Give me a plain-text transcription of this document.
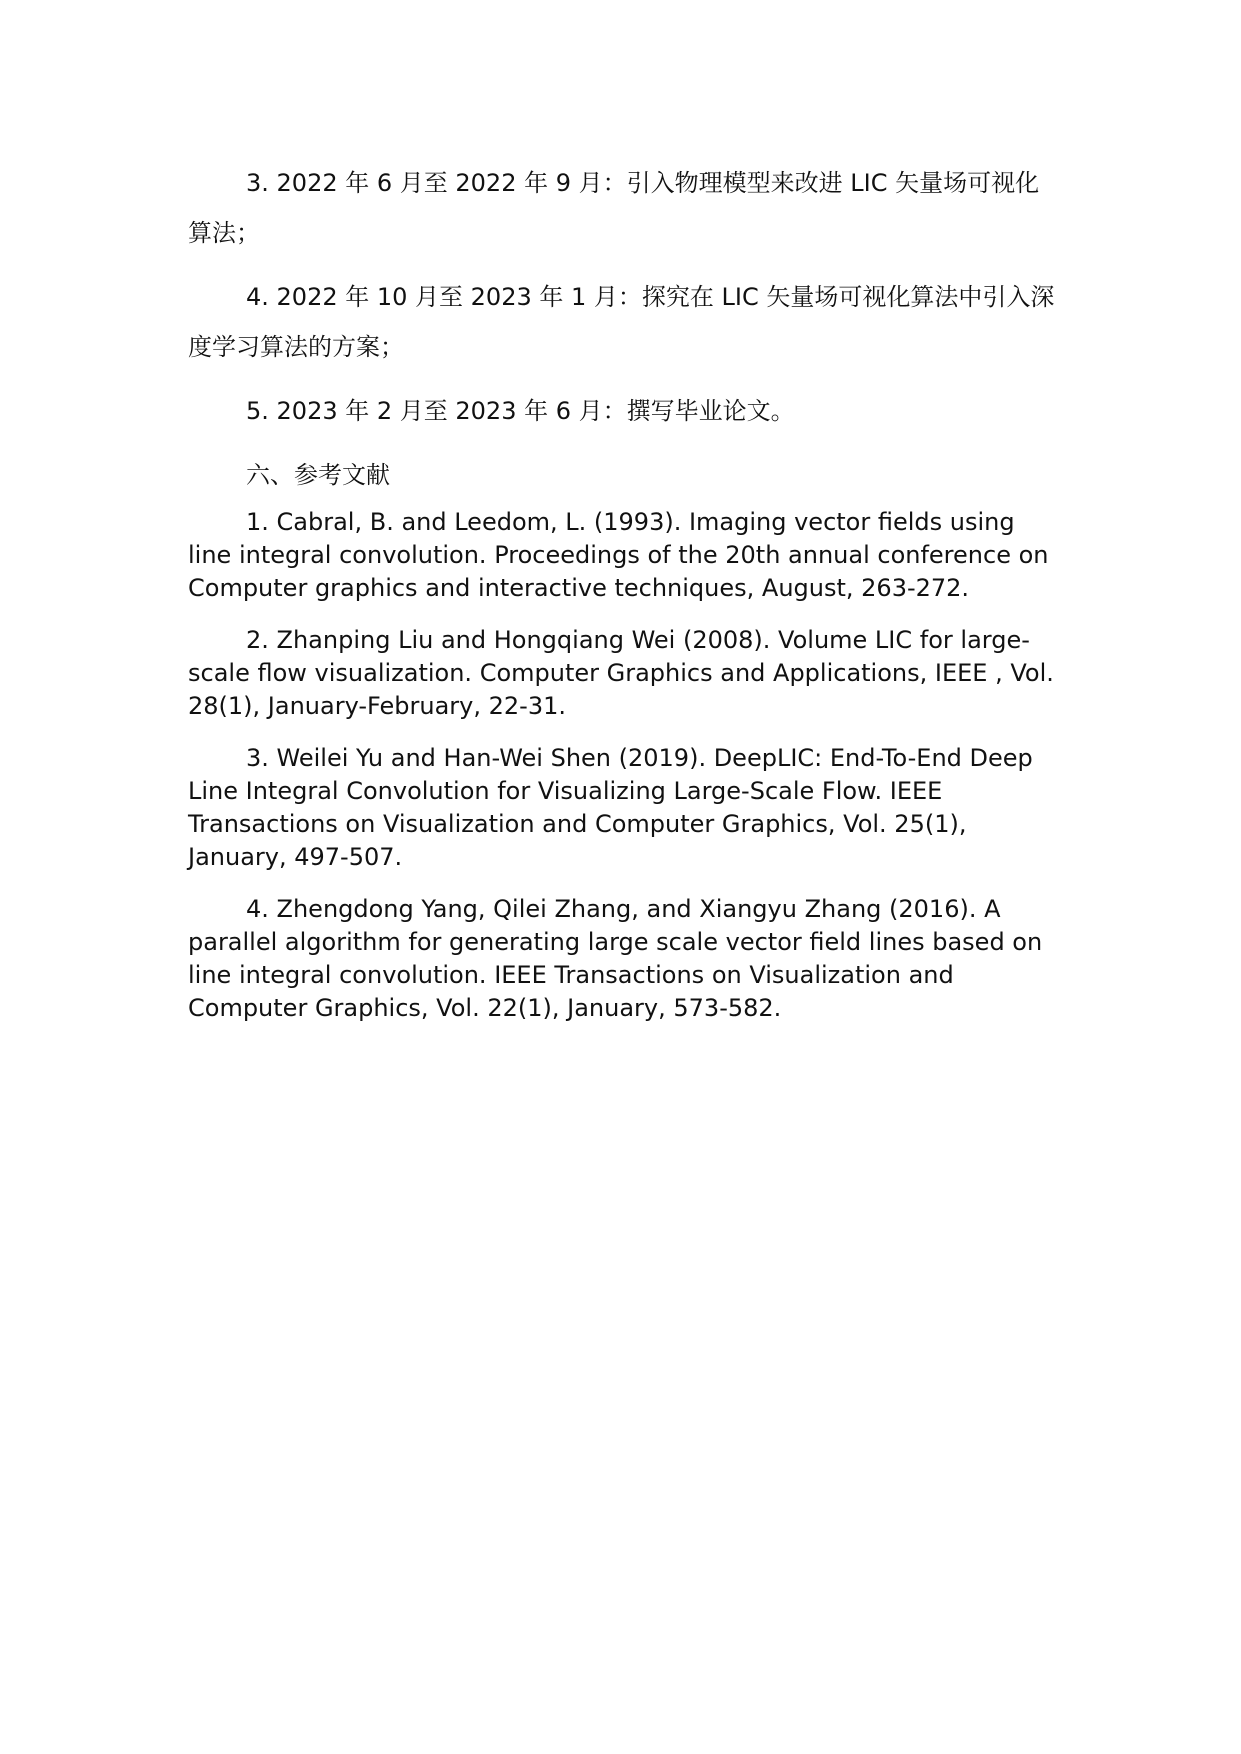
3. 2022 年 6 月至 2022 年 9 月：引入物理模型来改进 LIC 矢量场可视化算法；

4. 2022 年 10 月至 2023 年 1 月：探究在 LIC 矢量场可视化算法中引入深度学习算法的方案；

5. 2023 年 2 月至 2023 年 6 月：撰写毕业论文。

六、参考文献

1. Cabral, B. and Leedom, L. (1993). Imaging vector fields using line integral convolution. Proceedings of the 20th annual conference on Computer graphics and interactive techniques, August, 263-272.

2. Zhanping Liu and Hongqiang Wei (2008). Volume LIC for large-scale flow visualization. Computer Graphics and Applications, IEEE , Vol. 28(1), January-February, 22-31.

3. Weilei Yu and Han-Wei Shen (2019). DeepLIC: End-To-End Deep Line Integral Convolution for Visualizing Large-Scale Flow. IEEE Transactions on Visualization and Computer Graphics, Vol. 25(1), January, 497-507.

4. Zhengdong Yang, Qilei Zhang, and Xiangyu Zhang (2016). A parallel algorithm for generating large scale vector field lines based on line integral convolution. IEEE Transactions on Visualization and Computer Graphics, Vol. 22(1), January, 573-582.
